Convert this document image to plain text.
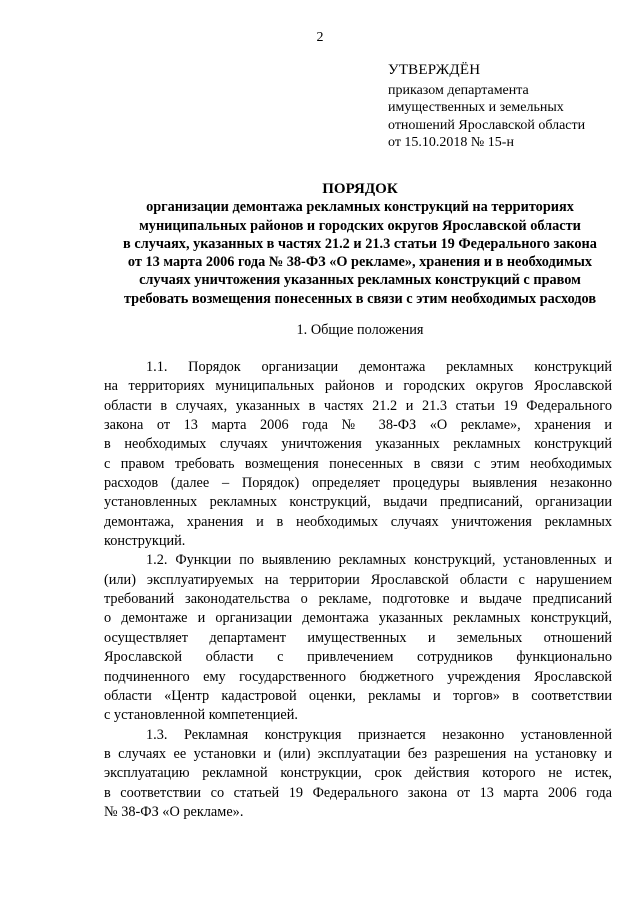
2
УТВЕРЖДЁН
приказом департамента
имущественных и земельных
отношений Ярославской области
от 15.10.2018 № 15-н
ПОРЯДОК
организации демонтажа рекламных конструкций на территориях
муниципальных районов и городских округов Ярославской области
в случаях, указанных в частях 21.2 и 21.3 статьи 19 Федерального закона
от 13 марта 2006 года № 38-ФЗ «О рекламе», хранения и в необходимых
случаях уничтожения указанных рекламных конструкций с правом
требовать возмещения понесенных в связи с этим необходимых расходов
1. Общие положения
1.1. Порядок организации демонтажа рекламных конструкций
на территориях муниципальных районов и городских округов Ярославской
области в случаях, указанных в частях 21.2 и 21.3 статьи 19 Федерального
закона от 13 марта 2006 года № 38-ФЗ «О рекламе», хранения и
в необходимых случаях уничтожения указанных рекламных конструкций
с правом требовать возмещения понесенных в связи с этим необходимых
расходов (далее – Порядок) определяет процедуры выявления незаконно
установленных рекламных конструкций, выдачи предписаний, организации
демонтажа, хранения и в необходимых случаях уничтожения рекламных
конструкций.
1.2. Функции по выявлению рекламных конструкций, установленных и
(или) эксплуатируемых на территории Ярославской области с нарушением
требований законодательства о рекламе, подготовке и выдаче предписаний
о демонтаже и организации демонтажа указанных рекламных конструкций,
осуществляет департамент имущественных и земельных отношений
Ярославской области с привлечением сотрудников функционально
подчиненного ему государственного бюджетного учреждения Ярославской
области «Центр кадастровой оценки, рекламы и торгов» в соответствии
с установленной компетенцией.
1.3. Рекламная конструкция признается незаконно установленной
в случаях ее установки и (или) эксплуатации без разрешения на установку и
эксплуатацию рекламной конструкции, срок действия которого не истек,
в соответствии со статьей 19 Федерального закона от 13 марта 2006 года
№ 38-ФЗ «О рекламе».
